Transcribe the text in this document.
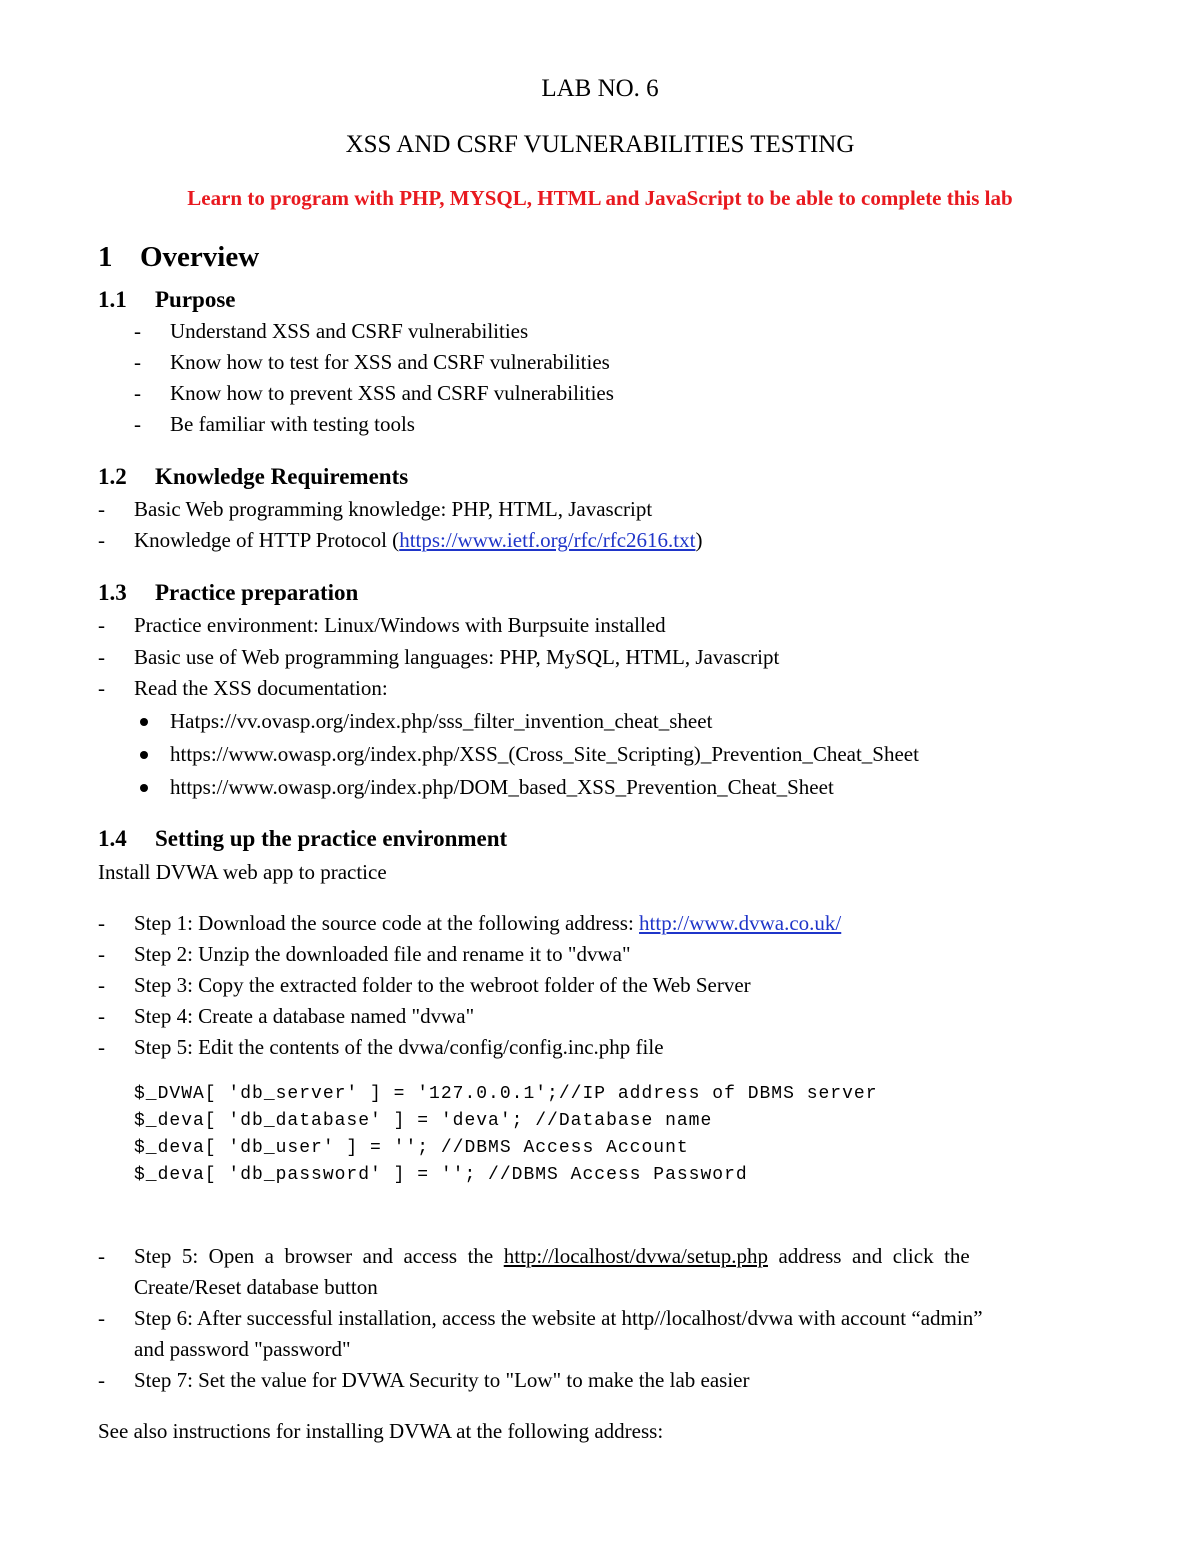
LAB NO. 6
XSS AND CSRF VULNERABILITIES TESTING
Learn to program with PHP, MYSQL, HTML and JavaScript to be able to complete this lab
1 Overview
1.1 Purpose
- Understand XSS and CSRF vulnerabilities
- Know how to test for XSS and CSRF vulnerabilities
- Know how to prevent XSS and CSRF vulnerabilities
- Be familiar with testing tools
1.2 Knowledge Requirements
- Basic Web programming knowledge: PHP, HTML, Javascript
- Knowledge of HTTP Protocol (https://www.ietf.org/rfc/rfc2616.txt)
1.3 Practice preparation
- Practice environment: Linux/Windows with Burpsuite installed
- Basic use of Web programming languages: PHP, MySQL, HTML, Javascript
- Read the XSS documentation:
Hatps://vv.ovasp.org/index.php/sss_filter_invention_cheat_sheet
https://www.owasp.org/index.php/XSS_(Cross_Site_Scripting)_Prevention_Cheat_Sheet
https://www.owasp.org/index.php/DOM_based_XSS_Prevention_Cheat_Sheet
1.4 Setting up the practice environment
Install DVWA web app to practice
- Step 1: Download the source code at the following address: http://www.dvwa.co.uk/
- Step 2: Unzip the downloaded file and rename it to "dvwa"
- Step 3: Copy the extracted folder to the webroot folder of the Web Server
- Step 4: Create a database named "dvwa"
- Step 5: Edit the contents of the dvwa/config/config.inc.php file
$_DVWA[ 'db_server' ] = '127.0.0.1';//IP address of DBMS server
$_deva[ 'db_database' ] = 'deva'; //Database name
$_deva[ 'db_user' ] = ''; //DBMS Access Account
$_deva[ 'db_password' ] = ''; //DBMS Access Password
- Step  5:  Open  a  browser  and  access  the  http://localhost/dvwa/setup.php  address  and  click  the
Create/Reset database button
- Step 6: After successful installation, access the website at http//localhost/dvwa with account “admin”
and password "password"
- Step 7: Set the value for DVWA Security to "Low" to make the lab easier
See also instructions for installing DVWA at the following address:
